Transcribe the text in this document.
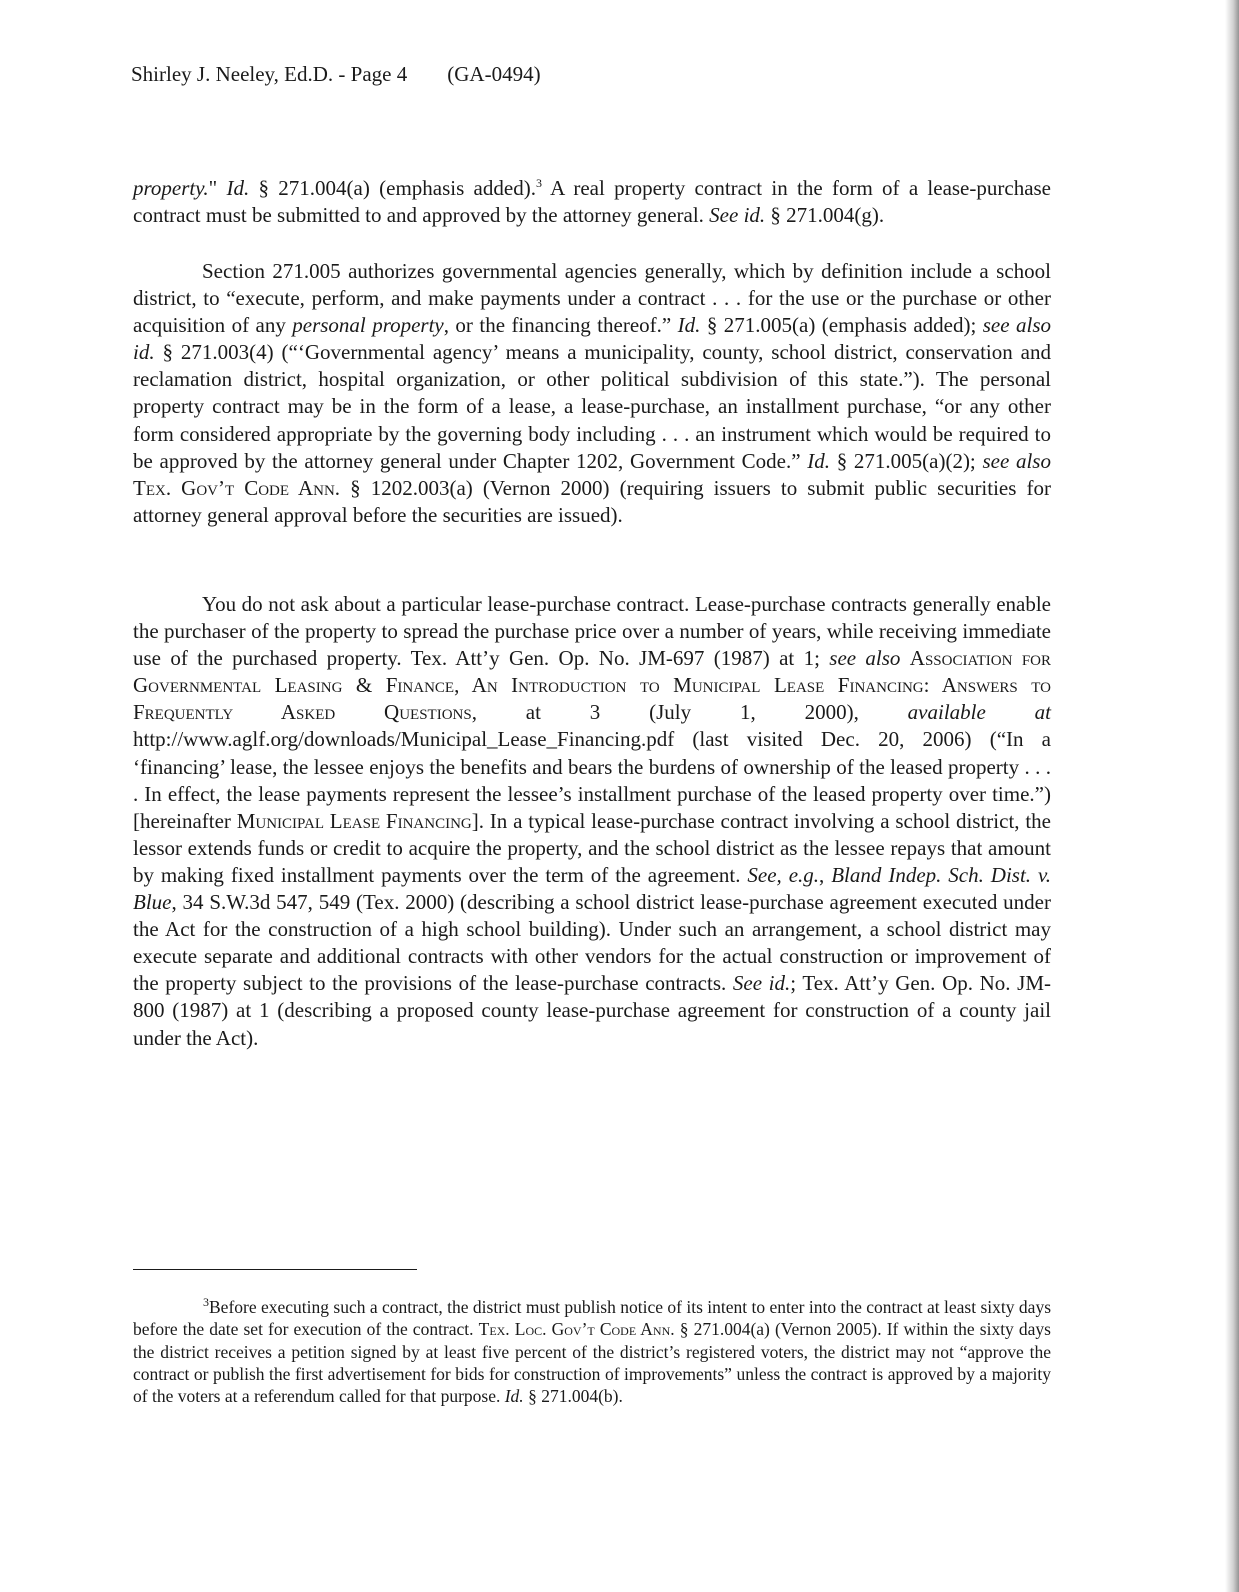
Shirley J. Neeley, Ed.D. - Page 4 (GA-0494)

property." Id. § 271.004(a) (emphasis added).$^3$ A real property contract in the form of a lease-purchase contract must be submitted to and approved by the attorney general. See id. § 271.004(g).

Section 271.005 authorizes governmental agencies generally, which by definition include a school district, to “execute, perform, and make payments under a contract . . . for the use or the purchase or other acquisition of any personal property, or the financing thereof.” Id. § 271.005(a) (emphasis added); see also id. § 271.003(4) (“‘Governmental agency’ means a municipality, county, school district, conservation and reclamation district, hospital organization, or other political subdivision of this state.”). The personal property contract may be in the form of a lease, a lease-purchase, an installment purchase, “or any other form considered appropriate by the governing body including . . . an instrument which would be required to be approved by the attorney general under Chapter 1202, Government Code.” Id. § 271.005(a)(2); see also Tex. Gov’t Code Ann. § 1202.003(a) (Vernon 2000) (requiring issuers to submit public securities for attorney general approval before the securities are issued).

You do not ask about a particular lease-purchase contract. Lease-purchase contracts generally enable the purchaser of the property to spread the purchase price over a number of years, while receiving immediate use of the purchased property. Tex. Att’y Gen. Op. No. JM-697 (1987) at 1; see also Association for Governmental Leasing & Finance, An Introduction to Municipal Lease Financing: Answers to Frequently Asked Questions, at 3 (July 1, 2000), available at http://www.aglf.org/downloads/Municipal_Lease_Financing.pdf (last visited Dec. 20, 2006) (“In a ‘financing’ lease, the lessee enjoys the benefits and bears the burdens of ownership of the leased property . . . . In effect, the lease payments represent the lessee’s installment purchase of the leased property over time.”) [hereinafter Municipal Lease Financing]. In a typical lease-purchase contract involving a school district, the lessor extends funds or credit to acquire the property, and the school district as the lessee repays that amount by making fixed installment payments over the term of the agreement. See, e.g., Bland Indep. Sch. Dist. v. Blue, 34 S.W.3d 547, 549 (Tex. 2000) (describing a school district lease-purchase agreement executed under the Act for the construction of a high school building). Under such an arrangement, a school district may execute separate and additional contracts with other vendors for the actual construction or improvement of the property subject to the provisions of the lease-purchase contracts. See id.; Tex. Att’y Gen. Op. No. JM-800 (1987) at 1 (describing a proposed county lease-purchase agreement for construction of a county jail under the Act).

$^3$Before executing such a contract, the district must publish notice of its intent to enter into the contract at least sixty days before the date set for execution of the contract. Tex. Loc. Gov’t Code Ann. § 271.004(a) (Vernon 2005). If within the sixty days the district receives a petition signed by at least five percent of the district’s registered voters, the district may not “approve the contract or publish the first advertisement for bids for construction of improvements” unless the contract is approved by a majority of the voters at a referendum called for that purpose. Id. § 271.004(b).
